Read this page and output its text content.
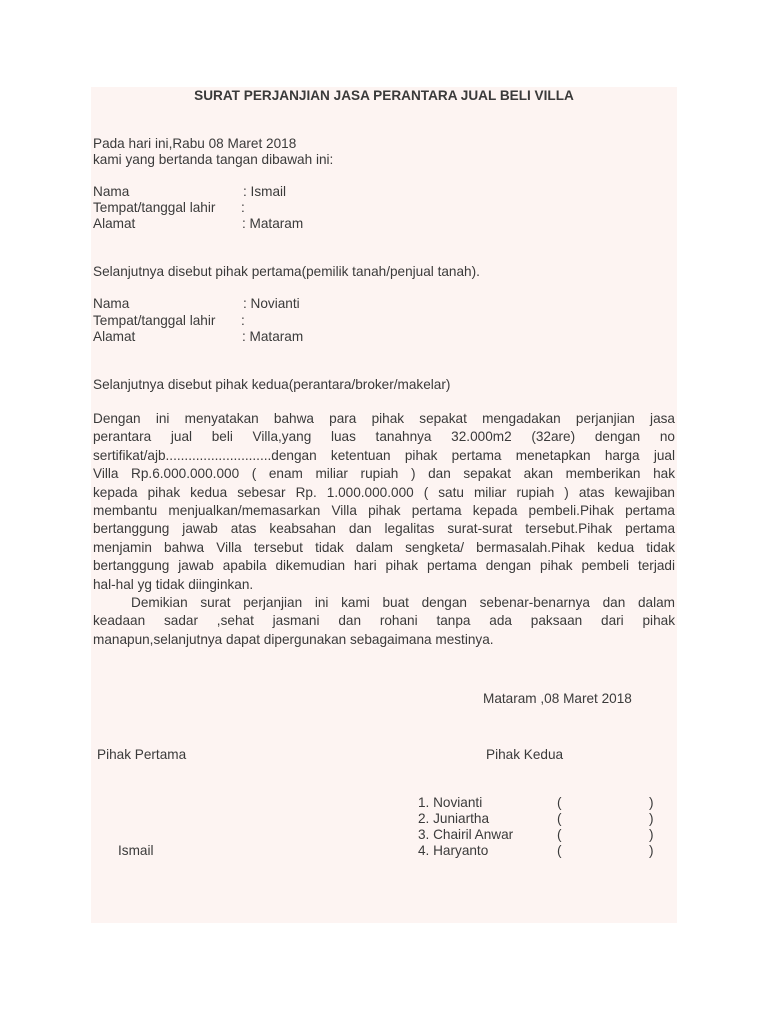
SURAT PERJANJIAN JASA PERANTARA JUAL BELI VILLA
Pada hari ini,Rabu 08 Maret 2018
kami yang bertanda tangan dibawah ini:
Nama	: Ismail
Tempat/tanggal lahir :
Alamat	: Mataram
Selanjutnya disebut pihak pertama(pemilik tanah/penjual tanah).
Nama	: Novianti
Tempat/tanggal lahir :
Alamat	: Mataram
Selanjutnya disebut pihak kedua(perantara/broker/makelar)
Dengan ini menyatakan bahwa para pihak sepakat mengadakan perjanjian jasa
perantara jual beli Villa,yang luas tanahnya 32.000m2 (32are) dengan no
sertifikat/ajb............................dengan ketentuan pihak pertama menetapkan harga jual
Villa Rp.6.000.000.000 ( enam miliar rupiah ) dan sepakat akan memberikan hak
kepada pihak kedua sebesar Rp. 1.000.000.000 ( satu miliar rupiah ) atas kewajiban
membantu menjualkan/memasarkan Villa pihak pertama kepada pembeli.Pihak pertama
bertanggung jawab atas keabsahan dan legalitas surat-surat tersebut.Pihak pertama
menjamin bahwa Villa tersebut tidak dalam sengketa/ bermasalah.Pihak kedua tidak
bertanggung jawab apabila dikemudian hari pihak pertama dengan pihak pembeli terjadi
hal-hal yg tidak diinginkan.
Demikian surat perjanjian ini kami buat dengan sebenar-benarnya dan dalam
keadaan sadar ,sehat jasmani dan rohani tanpa ada paksaan dari pihak
manapun,selanjutnya dapat dipergunakan sebagaimana mestinya.
Mataram ,08 Maret 2018
Pihak Pertama	Pihak Kedua
1. Novianti	(	)
2. Juniartha	(	)
3. Chairil Anwar	(	)
4. Haryanto	(	)
Ismail
